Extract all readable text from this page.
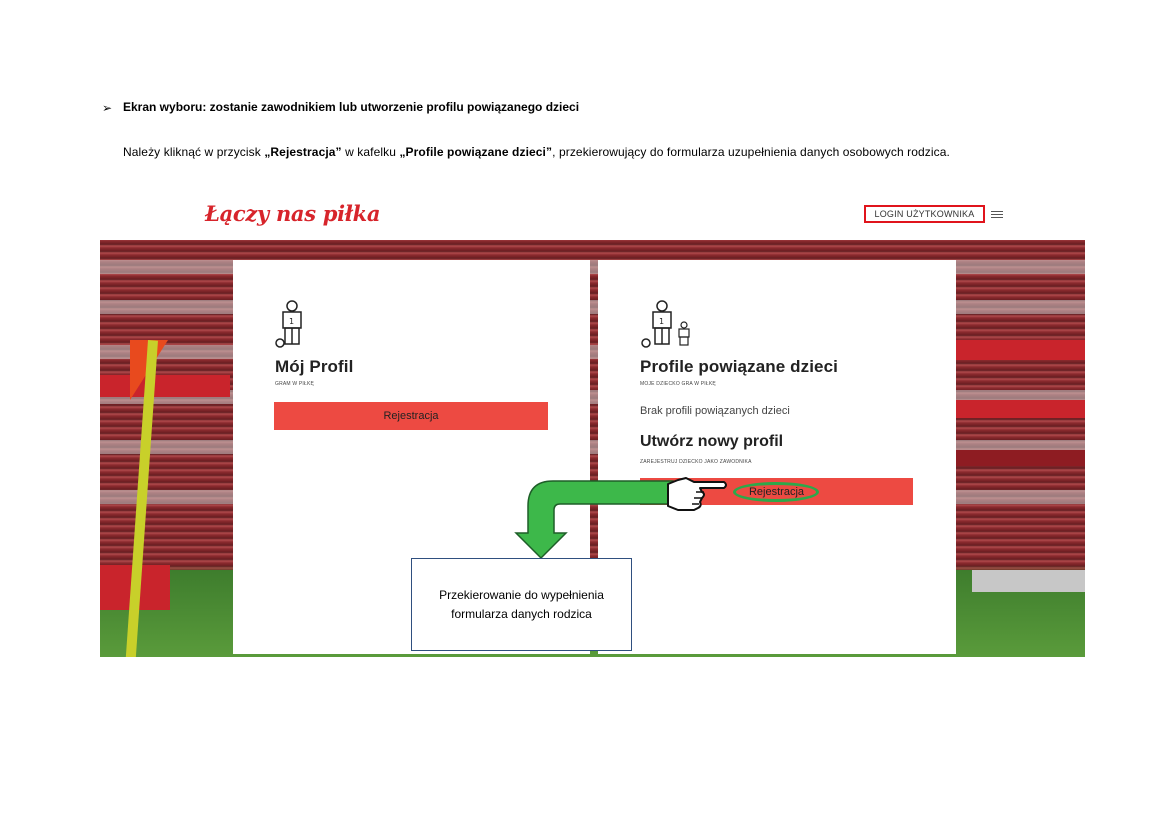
➢ Ekran wyboru: zostanie zawodnikiem lub utworzenie profilu powiązanego dzieci
Należy kliknąć w przycisk „Rejestracja” w kafelku „Profile powiązane dzieci”, przekierowujący do formularza uzupełnienia danych osobowych rodzica.
Łączy nas piłka	LOGIN UŻYTKOWNIKA
1
Mój Profil
GRAM W PIŁKĘ
Rejestracja
1
Profile powiązane dzieci
MOJE DZIECKO GRA W PIŁKĘ
Brak profili powiązanych dzieci
Utwórz nowy profil
ZAREJESTRUJ DZIECKO JAKO ZAWODNIKA
Rejestracja
Przekierowanie do wypełnienia
formularza danych rodzica
